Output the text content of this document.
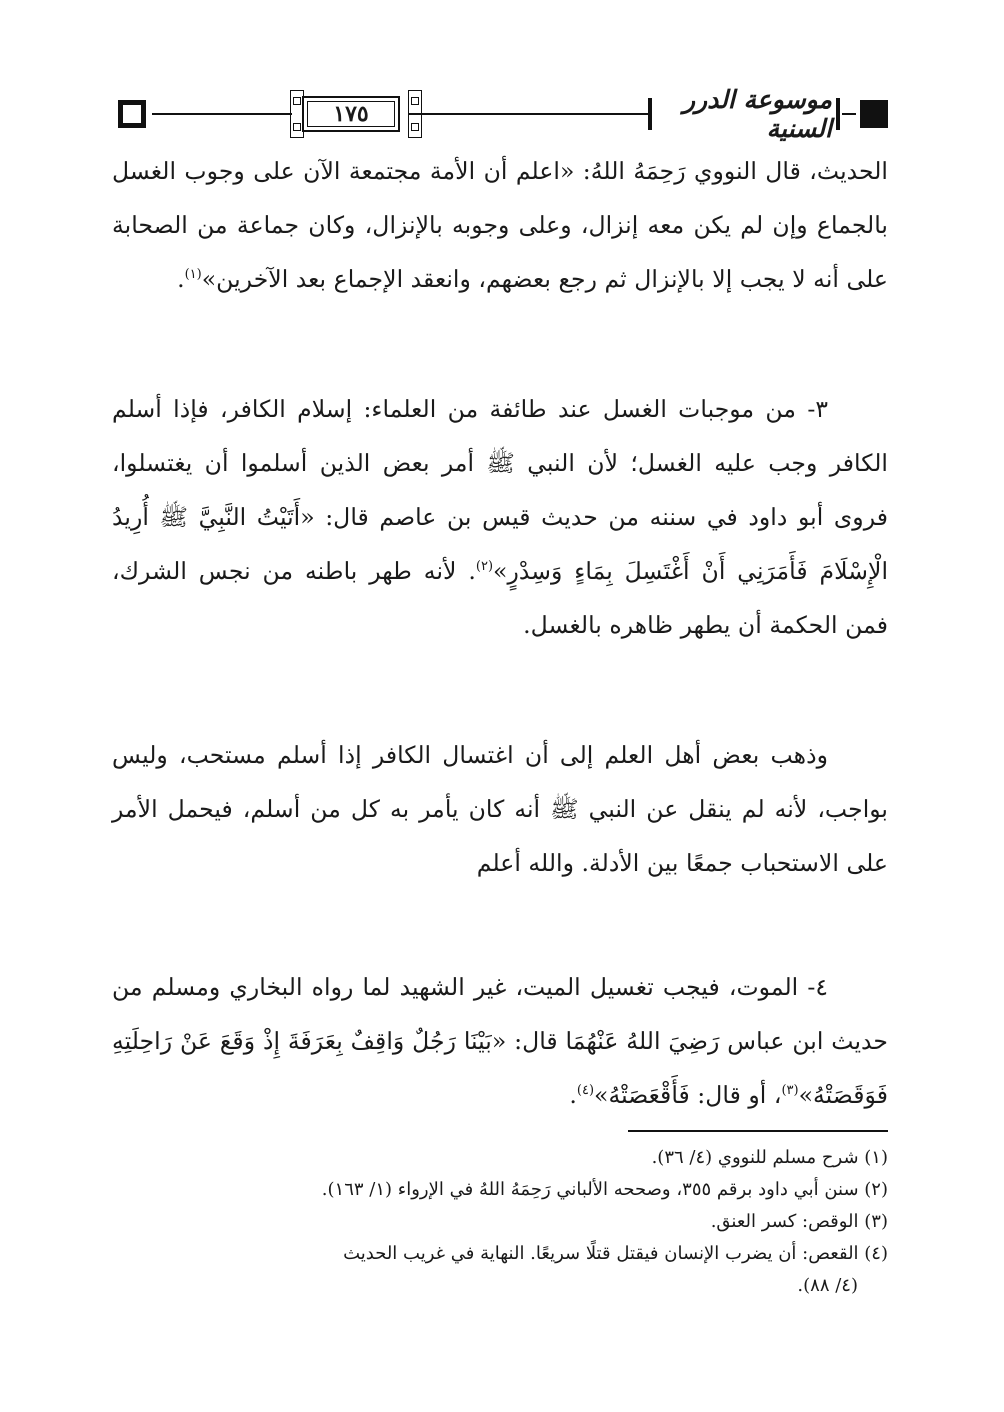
١٧٥	موسوعة الدرر السنية

الحديث، قال النووي رَحِمَهُ اللهُ: «اعلم أن الأمة مجتمعة الآن على وجوب الغسل بالجماع وإن لم يكن معه إنزال، وعلى وجوبه بالإنزال، وكان جماعة من الصحابة على أنه لا يجب إلا بالإنزال ثم رجع بعضهم، وانعقد الإجماع بعد الآخرين»$^{(١)}$.

٣- من موجبات الغسل عند طائفة من العلماء: إسلام الكافر، فإذا أسلم الكافر وجب عليه الغسل؛ لأن النبي ﷺ أمر بعض الذين أسلموا أن يغتسلوا، فروى أبو داود في سننه من حديث قيس بن عاصم قال: «أَتَيْتُ النَّبِيَّ ﷺ أُرِيدُ الْإِسْلَامَ فَأَمَرَنِي أَنْ أَغْتَسِلَ بِمَاءٍ وَسِدْرٍ»$^{(٢)}$. لأنه طهر باطنه من نجس الشرك، فمن الحكمة أن يطهر ظاهره بالغسل.

وذهب بعض أهل العلم إلى أن اغتسال الكافر إذا أسلم مستحب، وليس بواجب، لأنه لم ينقل عن النبي ﷺ أنه كان يأمر به كل من أسلم، فيحمل الأمر على الاستحباب جمعًا بين الأدلة. والله أعلم

٤- الموت، فيجب تغسيل الميت، غير الشهيد لما رواه البخاري ومسلم من حديث ابن عباس رَضِيَ اللهُ عَنْهُمَا قال: «بَيْنَا رَجُلٌ وَاقِفٌ بِعَرَفَةَ إِذْ وَقَعَ عَنْ رَاحِلَتِهِ فَوَقَصَتْهُ»$^{(٣)}$، أو قال: فَأَقْعَصَتْهُ»$^{(٤)}$.

(١) شرح مسلم للنووي (٤/ ٣٦).

(٢) سنن أبي داود برقم ٣٥٥، وصححه الألباني رَحِمَهُ اللهُ في الإرواء (١/ ١٦٣).

(٣) الوقص: كسر العنق.

(٤) القعص: أن يضرب الإنسان فيقتل قتلًا سريعًا. النهاية في غريب الحديث

(٤/ ٨٨).
